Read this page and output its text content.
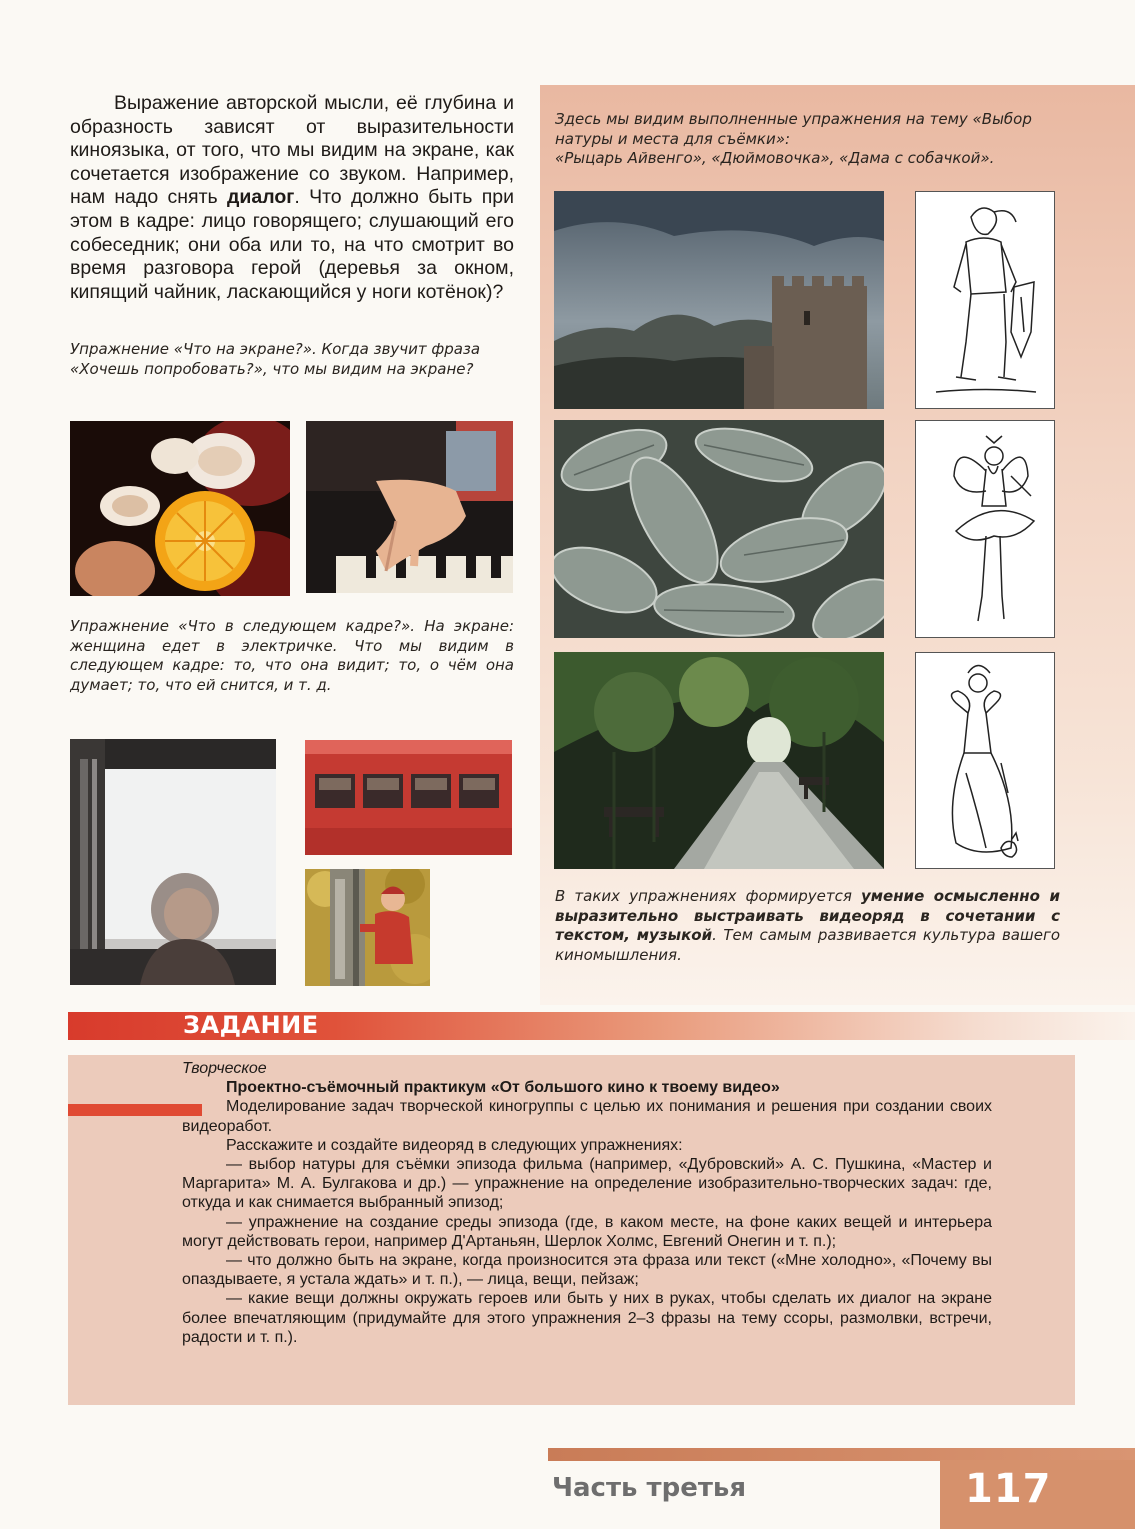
Выражение авторской мысли, её глубина и образность зависят от выразительности киноязыка, от того, что мы видим на экране, как сочетается изображение со звуком. Например, нам надо снять диалог. Что должно быть при этом в кадре: лицо говорящего; слушающий его собеседник; они оба или то, на что смотрит во время разговора герой (деревья за окном, кипящий чайник, ласкающийся у ноги котёнок)?

Упражнение «Что на экране?». Когда звучит фраза «Хочешь попробовать?», что мы видим на экране?

Упражнение «Что в следующем кадре?». На экране: женщина едет в электричке. Что мы видим в следующем кадре: то, что она видит; то, о чём она думает; то, что ей снится, и т. д.

Здесь мы видим выполненные упражнения на тему «Выбор натуры и места для съёмки»:
«Рыцарь Айвенго», «Дюймовочка», «Дама с собачкой».

В таких упражнениях формируется умение осмысленно и выразительно выстраивать видеоряд в сочетании с текстом, музыкой. Тем самым развивается культура вашего киномышления.

ЗАДАНИЕ

Творческое

Проектно-съёмочный практикум «От большого кино к твоему видео»

Моделирование задач творческой киногруппы с целью их понимания и решения при создании своих видеоработ.

Расскажите и создайте видеоряд в следующих упражнениях:

— выбор натуры для съёмки эпизода фильма (например, «Дубровский» А. С. Пушкина, «Мастер и Маргарита» М. А. Булгакова и др.) — упражнение на определение изобразительно-творческих задач: где, откуда и как снимается выбранный эпизод;

— упражнение на создание среды эпизода (где, в каком месте, на фоне каких вещей и интерьера могут действовать герои, например Д'Артаньян, Шерлок Холмс, Евгений Онегин и т. п.);

— что должно быть на экране, когда произносится эта фраза или текст («Мне холодно», «Почему вы опаздываете, я устала ждать» и т. п.), — лица, вещи, пейзаж;

— какие вещи должны окружать героев или быть у них в руках, чтобы сделать их диалог на экране более впечатляющим (придумайте для этого упражнения 2–3 фразы на тему ссоры, размолвки, встречи, радости и т. п.).

Часть третья	117
